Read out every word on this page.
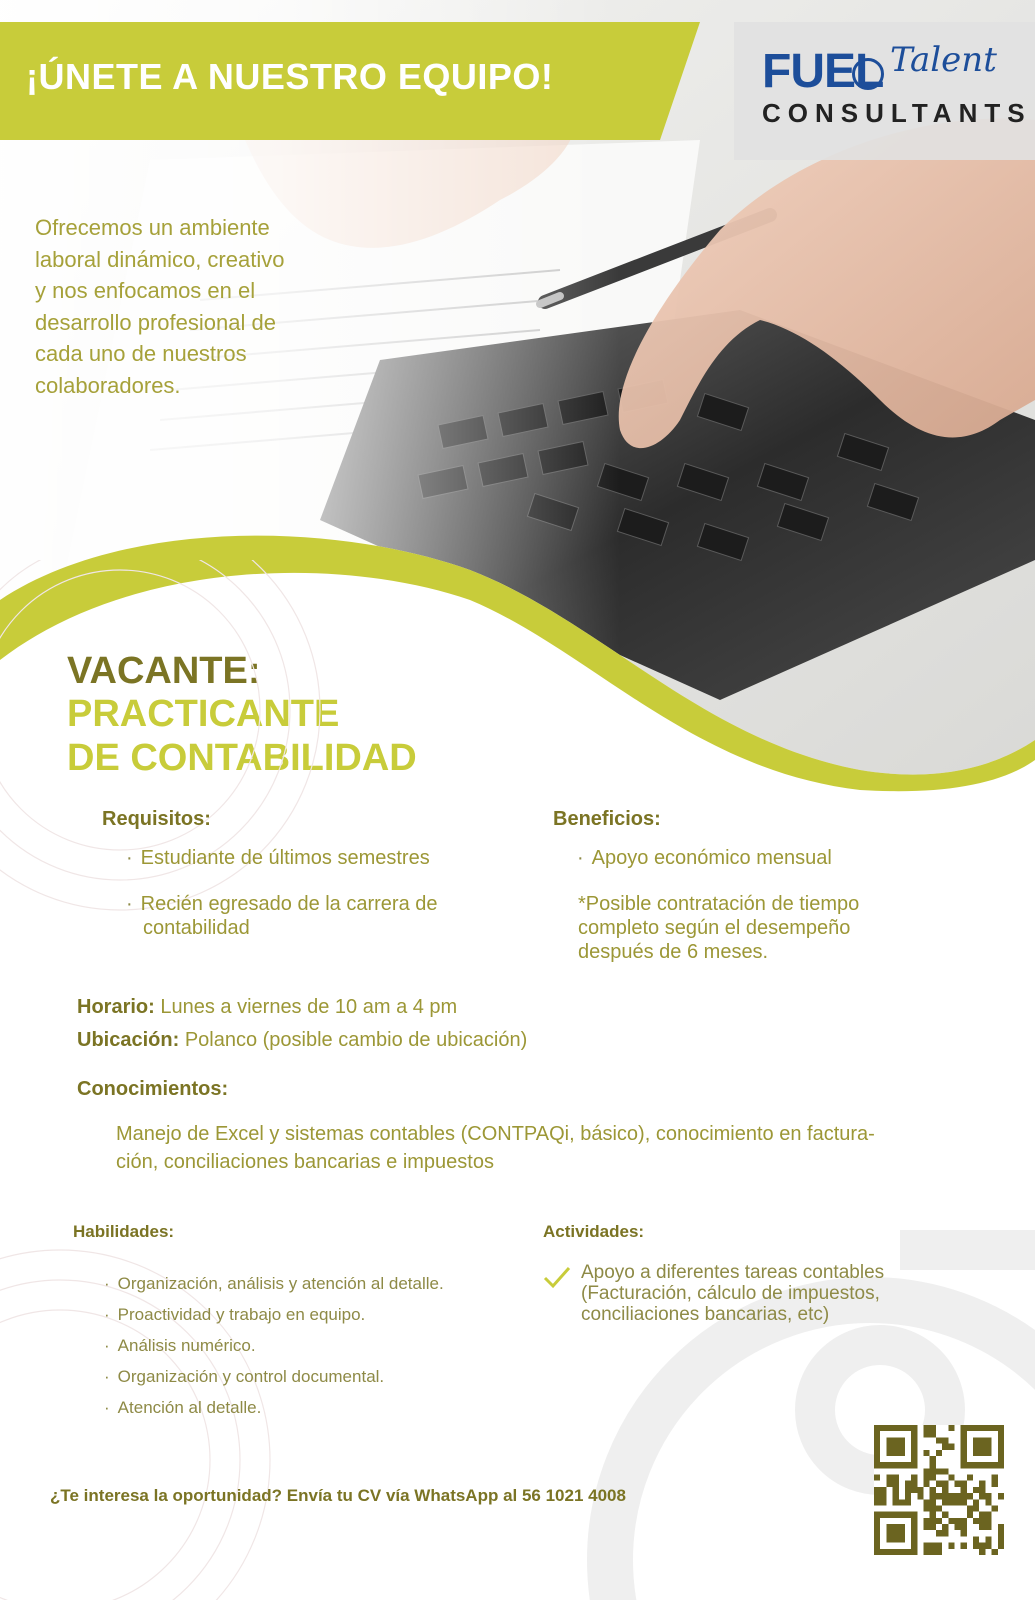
¡ÚNETE A NUESTRO EQUIPO!	FUEL Talent
CONSULTANTS
Ofrecemos un ambiente laboral dinámico, creativo y nos enfocamos en el desarrollo profesional de cada uno de nuestros colaboradores.
VACANTE:
PRACTICANTE
DE CONTABILIDAD
Requisitos:
· Estudiante de últimos semestres
· Recién egresado de la carrera de
contabilidad
Beneficios:
· Apoyo económico mensual
*Posible contratación de tiempo
completo según el desempeño
después de 6 meses.
Horario: Lunes a viernes de 10 am a 4 pm
Ubicación: Polanco (posible cambio de ubicación)
Conocimientos:
Manejo de Excel y sistemas contables (CONTPAQi, básico), conocimiento en factura-
ción, conciliaciones bancarias e impuestos
Habilidades:
· Organización, análisis y atención al detalle.
· Proactividad y trabajo en equipo.
· Análisis numérico.
· Organización y control documental.
· Atención al detalle.
Actividades:
Apoyo a diferentes tareas contables
(Facturación, cálculo de impuestos,
conciliaciones bancarias, etc)
¿Te interesa la oportunidad? Envía tu CV vía WhatsApp al 56 1021 4008
